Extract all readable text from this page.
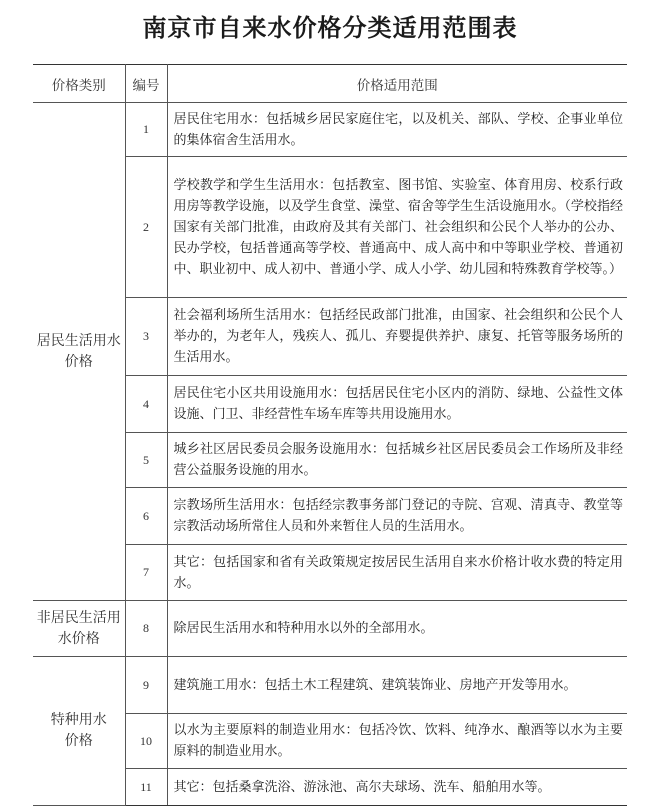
南京市自来水价格分类适用范围表
价格类别	编号	价格适用范围
居民生活用水价格	1	居民住宅用水：包括城乡居民家庭住宅，以及机关、部队、学校、企事业单位的集体宿舍生活用水。
	2	学校教学和学生生活用水：包括教室、图书馆、实验室、体育用房、校系行政用房等教学设施，以及学生食堂、澡堂、宿舍等学生生活设施用水。（学校指经国家有关部门批准，由政府及其有关部门、社会组织和公民个人举办的公办、民办学校，包括普通高等学校、普通高中、成人高中和中等职业学校、普通初中、职业初中、成人初中、普通小学、成人小学、幼儿园和特殊教育学校等。）
	3	社会福利场所生活用水：包括经民政部门批准，由国家、社会组织和公民个人举办的，为老年人，残疾人、孤儿、弃婴提供养护、康复、托管等服务场所的生活用水。
	4	居民住宅小区共用设施用水：包括居民住宅小区内的消防、绿地、公益性文体设施、门卫、非经营性车场车库等共用设施用水。
	5	城乡社区居民委员会服务设施用水：包括城乡社区居民委员会工作场所及非经营公益服务设施的用水。
	6	宗教场所生活用水：包括经宗教事务部门登记的寺院、宫观、清真寺、教堂等宗教活动场所常住人员和外来暂住人员的生活用水。
	7	其它：包括国家和省有关政策规定按居民生活用自来水价格计收水费的特定用水。
非居民生活用水价格	8	除居民生活用水和特种用水以外的全部用水。
特种用水价格	9	建筑施工用水：包括土木工程建筑、建筑装饰业、房地产开发等用水。
	10	以水为主要原料的制造业用水：包括冷饮、饮料、纯净水、酿酒等以水为主要原料的制造业用水。
	11	其它：包括桑拿洗浴、游泳池、高尔夫球场、洗车、船舶用水等。
